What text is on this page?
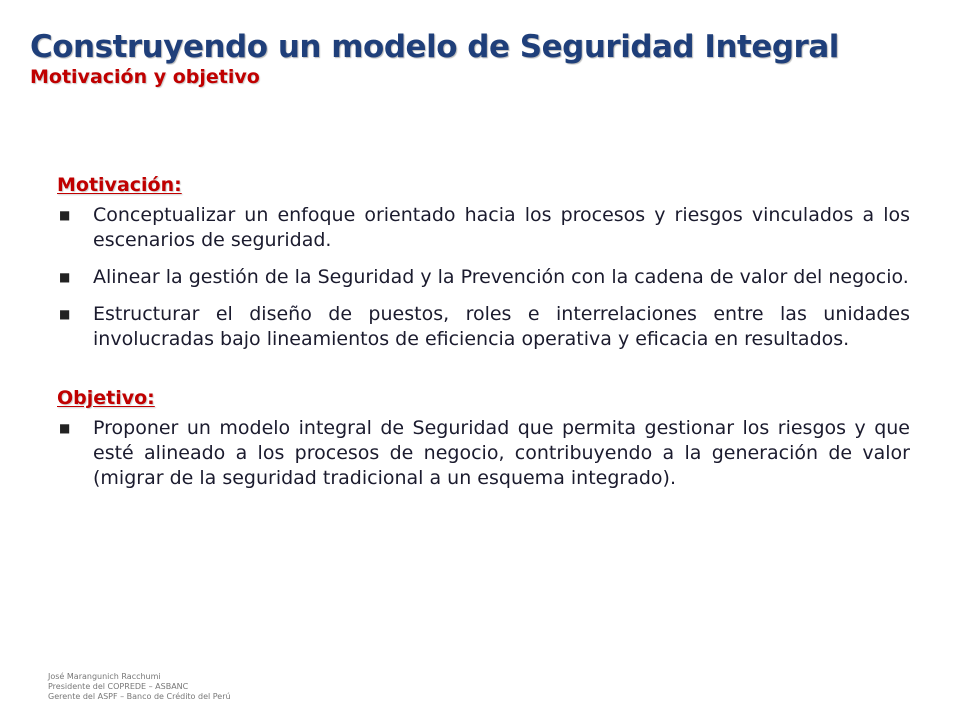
Construyendo un modelo de Seguridad Integral
Motivación y objetivo
Motivación:
■	Conceptualizar un enfoque orientado hacia los procesos y riesgos vinculados a los escenarios de seguridad.
■	Alinear la gestión de la Seguridad y la Prevención con la cadena de valor del negocio.
■	Estructurar el diseño de puestos, roles e interrelaciones entre las unidades involucradas bajo lineamientos de eficiencia operativa y eficacia en resultados.
Objetivo:
■	Proponer un modelo integral de Seguridad que permita gestionar los riesgos y que esté alineado a los procesos de negocio, contribuyendo a la generación de valor (migrar de la seguridad tradicional a un esquema integrado).
José Marangunich Racchumi
Presidente del COPREDE – ASBANC
Gerente del ASPF – Banco de Crédito del Perú
